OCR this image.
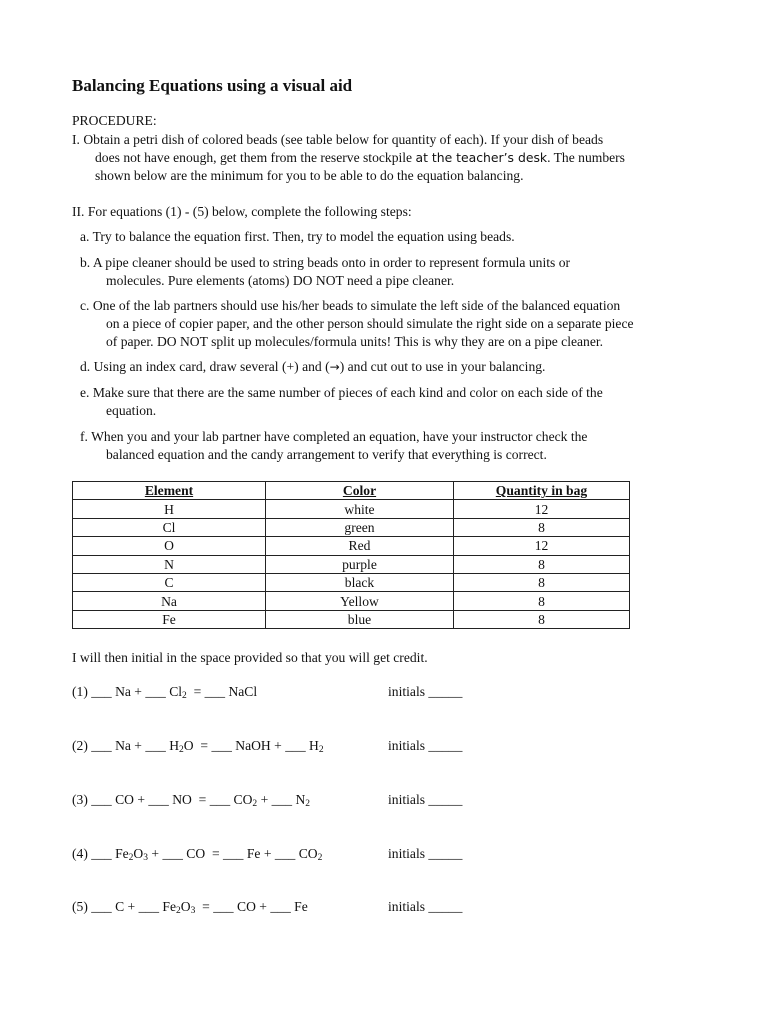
Balancing Equations using a visual aid
PROCEDURE:
I. Obtain a petri dish of colored beads (see table below for quantity of each). If your dish of beads
does not have enough, get them from the reserve stockpile at the teacher’s desk. The numbers
shown below are the minimum for you to be able to do the equation balancing.
II. For equations (1) - (5) below, complete the following steps:
a. Try to balance the equation first. Then, try to model the equation using beads.
b. A pipe cleaner should be used to string beads onto in order to represent formula units or
molecules. Pure elements (atoms) DO NOT need a pipe cleaner.
c. One of the lab partners should use his/her beads to simulate the left side of the balanced equation
on a piece of copier paper, and the other person should simulate the right side on a separate piece
of paper. DO NOT split up molecules/formula units! This is why they are on a pipe cleaner.
d. Using an index card, draw several (+) and (→) and cut out to use in your balancing.
e. Make sure that there are the same number of pieces of each kind and color on each side of the
equation.
f. When you and your lab partner have completed an equation, have your instructor check the
balanced equation and the candy arrangement to verify that everything is correct.
Element	Color	Quantity in bag
H	white	12
Cl	green	8
O	Red	12
N	purple	8
C	black	8
Na	Yellow	8
Fe	blue	8
I will then initial in the space provided so that you will get credit.
(1) ___ Na + ___ $Cl_2$ = ___ NaCl	initials _____
(2) ___ Na + ___ $H_2O$ = ___ NaOH + ___ $H_2$	initials _____
(3) ___ CO + ___ NO = ___ $CO_2$ + ___ $N_2$	initials _____
(4) ___ $Fe_2O_3$ + ___ CO = ___ Fe + ___ $CO_2$	initials _____
(5) ___ C + ___ $Fe_2O_3$ = ___ CO + ___ Fe	initials _____
